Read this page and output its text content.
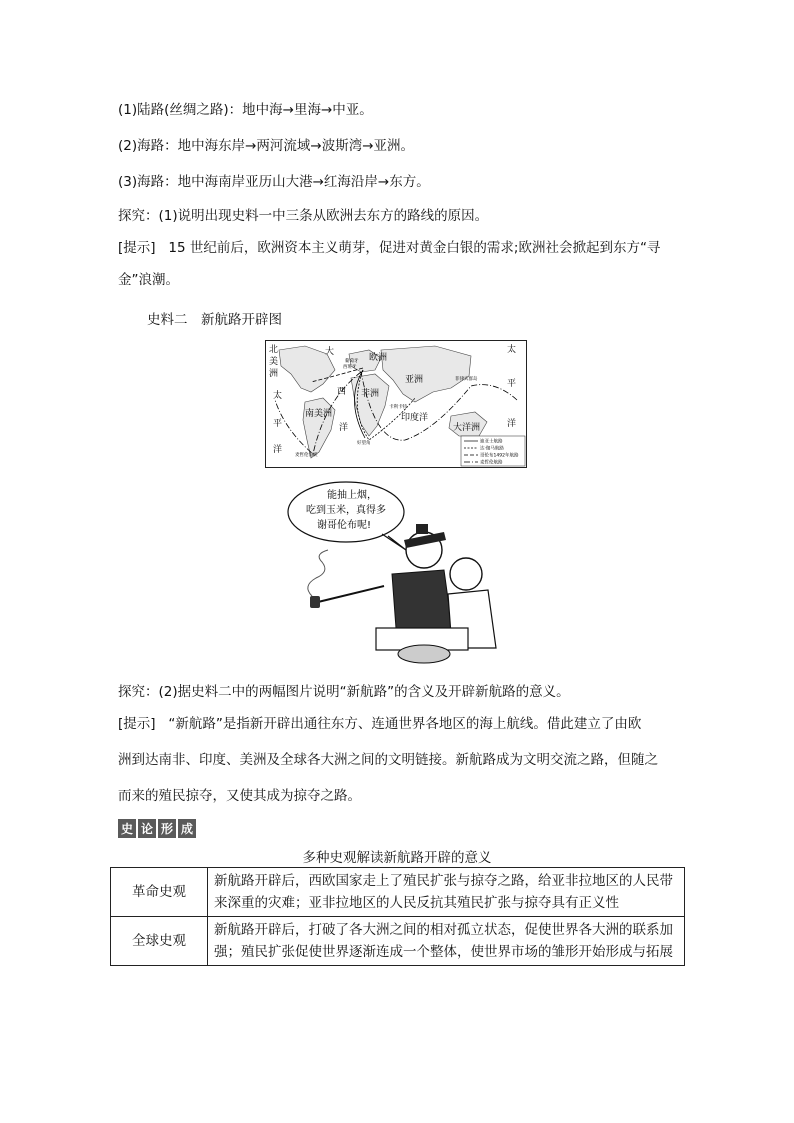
(1)陆路(丝绸之路)：地中海→里海→中亚。
(2)海路：地中海东岸→两河流域→波斯湾→亚洲。
(3)海路：地中海南岸亚历山大港→红海沿岸→东方。
探究：(1)说明出现史料一中三条从欧洲去东方的路线的原因。
[提示] 15 世纪前后，欧洲资本主义萌芽，促进对黄金白银的需求;欧洲社会掀起到东方“寻
金”浪潮。
史料二　新航路开辟图
北
美
洲
太
平
洋
大
西
洋
欧洲
非洲
亚洲
南美洲	印度洋
大洋洲
太
平
洋
葡萄牙
西班牙
卡利卡特
菲律宾群岛
好望角
麦哲伦海峡
迪亚士航路
达·伽马航路
哥伦布1492年航路
麦哲伦航路
能抽上烟，
吃到玉米，真得多
谢哥伦布呢!
探究：(2)据史料二中的两幅图片说明“新航路”的含义及开辟新航路的意义。
[提示] “新航路”是指新开辟出通往东方、连通世界各地区的海上航线。借此建立了由欧
洲到达南非、印度、美洲及全球各大洲之间的文明链接。新航路成为文明交流之路，但随之
而来的殖民掠夺，又使其成为掠夺之路。
史 论 形 成
多种史观解读新航路开辟的意义
革命史观	新航路开辟后，西欧国家走上了殖民扩张与掠夺之路，给亚非拉地区的人民带来深重的灾难；亚非拉地区的人民反抗其殖民扩张与掠夺具有正义性
全球史观	新航路开辟后，打破了各大洲之间的相对孤立状态，促使世界各大洲的联系加强；殖民扩张促使世界逐渐连成一个整体，使世界市场的雏形开始形成与拓展
